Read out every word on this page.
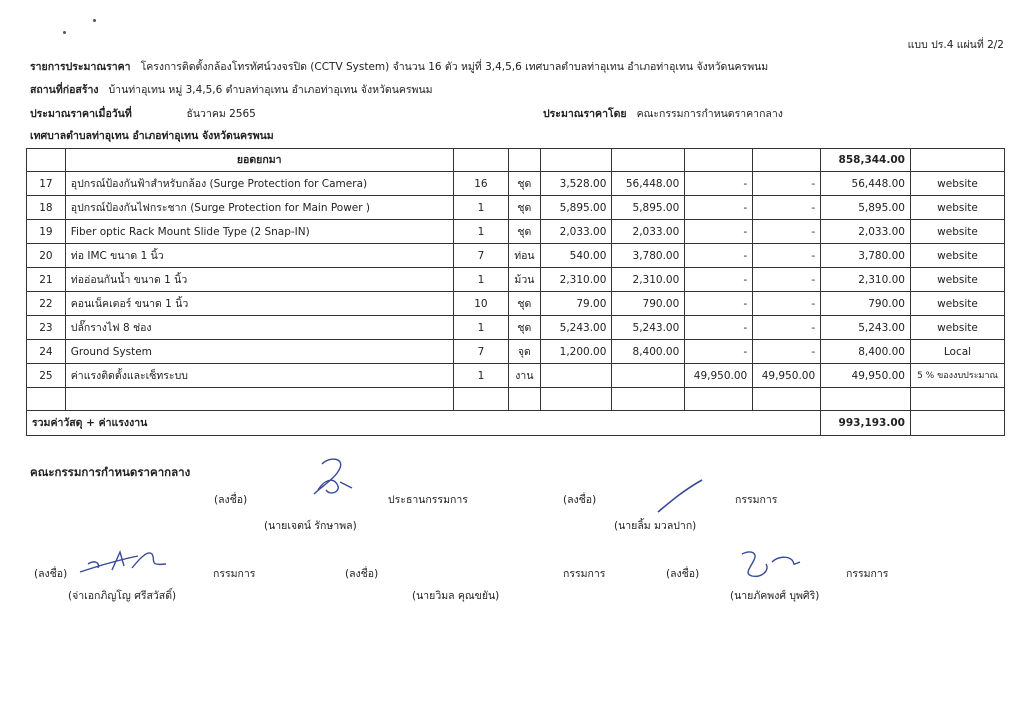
แบบ ปร.4 แผ่นที่ 2/2
รายการประมาณราคา โครงการติดตั้งกล้องโทรทัศน์วงจรปิด (CCTV System) จำนวน 16 ตัว หมู่ที่ 3,4,5,6 เทศบาลตำบลท่าอุเทน อำเภอท่าอุเทน จังหวัดนครพนม
สถานที่ก่อสร้าง บ้านท่าอุเทน หมู่ 3,4,5,6 ตำบลท่าอุเทน อำเภอท่าอุเทน จังหวัดนครพนม
ประมาณราคาเมื่อวันที่	ธันวาคม 2565	ประมาณราคาโดย คณะกรรมการกำหนดราคากลาง
เทศบาลตำบลท่าอุเทน อำเภอท่าอุเทน จังหวัดนครพนม
	ยอดยกมา							858,344.00	
17	อุปกรณ์ป้องกันฟ้าสำหรับกล้อง (Surge Protection for Camera)	16	ชุด	3,528.00	56,448.00	-	-	56,448.00	website
18	อุปกรณ์ป้องกันไฟกระชาก (Surge Protection for Main Power )	1	ชุด	5,895.00	5,895.00	-	-	5,895.00	website
19	Fiber optic Rack Mount Slide Type (2 Snap-IN)	1	ชุด	2,033.00	2,033.00	-	-	2,033.00	website
20	ท่อ IMC ขนาด 1 นิ้ว	7	ท่อน	540.00	3,780.00	-	-	3,780.00	website
21	ท่ออ่อนกันน้ำ ขนาด 1 นิ้ว	1	ม้วน	2,310.00	2,310.00	-	-	2,310.00	website
22	คอนเน็คเตอร์ ขนาด 1 นิ้ว	10	ชุด	79.00	790.00	-	-	790.00	website
23	ปลั๊กรางไฟ 8 ช่อง	1	ชุด	5,243.00	5,243.00	-	-	5,243.00	website
24	Ground System	7	จุด	1,200.00	8,400.00	-	-	8,400.00	Local
25	ค่าแรงติดตั้งและเซ็ทระบบ	1	งาน			49,950.00	49,950.00	49,950.00	5 % ของงบประมาณ

รวมค่าวัสดุ + ค่าแรงงาน								993,193.00	
คณะกรรมการกำหนดราคากลาง
(ลงชื่อ)	ประธานกรรมการ
(นายเจตน์ รักษาพล)
(ลงชื่อ)	กรรมการ
(นายลิ้ม มวลปาก)
(ลงชื่อ)	กรรมการ
(จ่าเอกภิญโญ ศรีสวัสดิ์)
(ลงชื่อ)	กรรมการ
(นายวิมล คุณขยัน)
(ลงชื่อ)	กรรมการ
(นายภัคพงศ์ บุพศิริ)
